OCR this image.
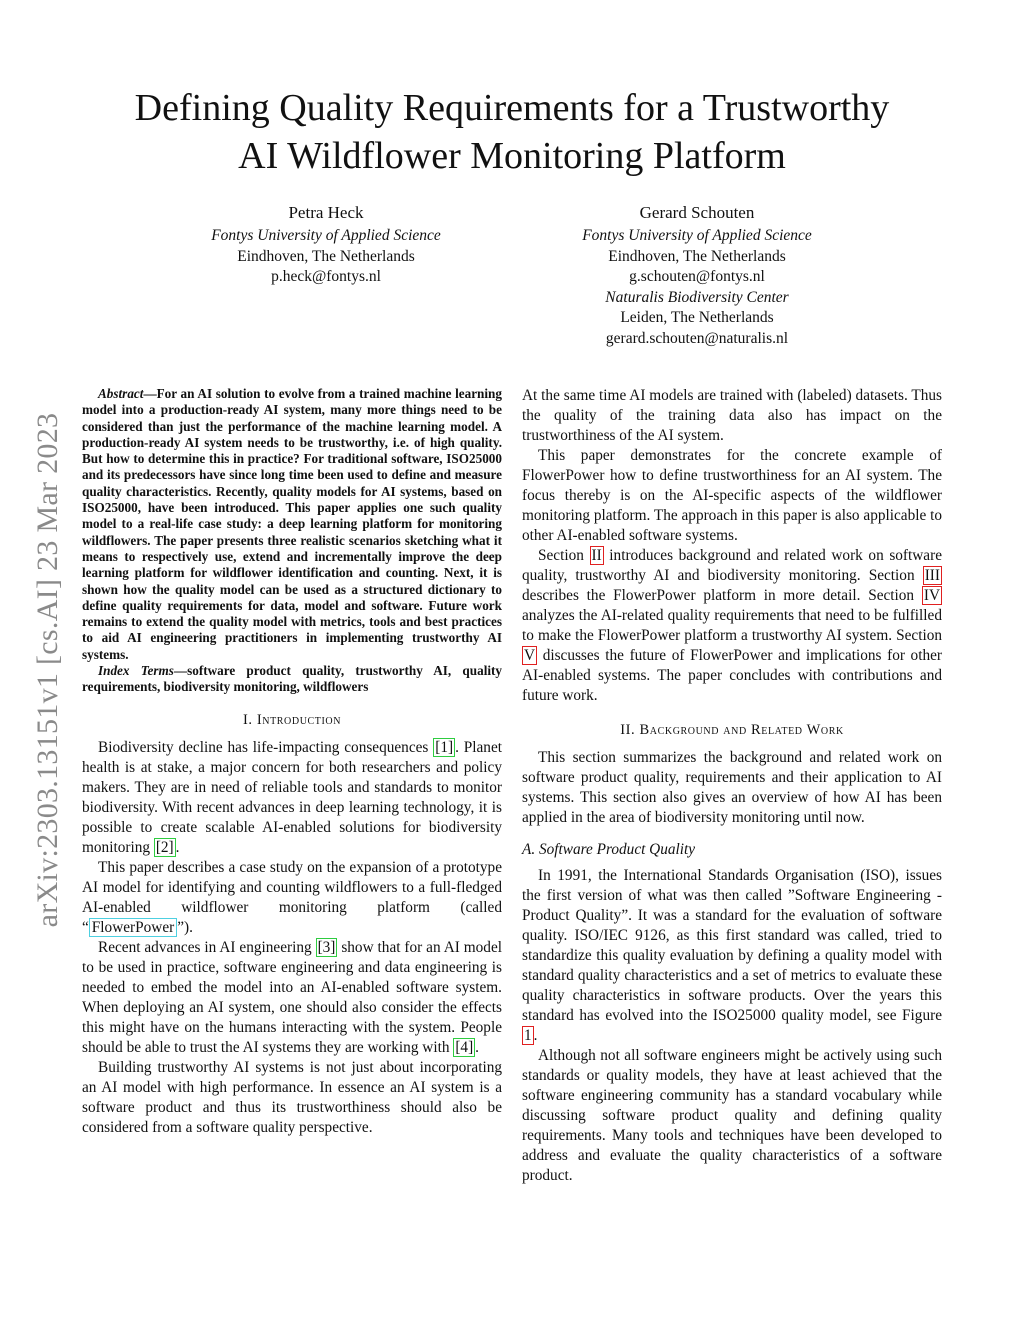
Defining Quality Requirements for a Trustworthy
AI Wildflower Monitoring Platform
Petra Heck
Fontys University of Applied Science
Eindhoven, The Netherlands
p.heck@fontys.nl
Gerard Schouten
Fontys University of Applied Science
Eindhoven, The Netherlands
g.schouten@fontys.nl
Naturalis Biodiversity Center
Leiden, The Netherlands
gerard.schouten@naturalis.nl
arXiv:2303.13151v1 [cs.AI] 23 Mar 2023

Abstract—For an AI solution to evolve from a trained machine learning model into a production-ready AI system, many more things need to be considered than just the performance of the machine learning model. A production-ready AI system needs to be trustworthy, i.e. of high quality. But how to determine this in practice? For traditional software, ISO25000 and its predecessors have since long time been used to define and measure quality characteristics. Recently, quality models for AI systems, based on ISO25000, have been introduced. This paper applies one such quality model to a real-life case study: a deep learning platform for monitoring wildflowers. The paper presents three realistic scenarios sketching what it means to respectively use, extend and incrementally improve the deep learning platform for wildflower identification and counting. Next, it is shown how the quality model can be used as a structured dictionary to define quality requirements for data, model and software. Future work remains to extend the quality model with metrics, tools and best practices to aid AI engineering practitioners in implementing trustworthy AI systems.

Index Terms—software product quality, trustworthy AI, quality requirements, biodiversity monitoring, wildflowers

I. Introduction

Biodiversity decline has life-impacting consequences [1] . Planet health is at stake, a major concern for both researchers and policy makers. They are in need of reliable tools and standards to monitor biodiversity. With recent advances in deep learning technology, it is possible to create scalable AI-enabled solutions for biodiversity monitoring [2] .

This paper describes a case study on the expansion of a prototype AI model for identifying and counting wildflowers to a full-fledged AI-enabled wildflower monitoring platform (called “ FlowerPower ”).

Recent advances in AI engineering [3] show that for an AI model to be used in practice, software engineering and data engineering is needed to embed the model into an AI-enabled software system. When deploying an AI system, one should also consider the effects this might have on the humans interacting with the system. People should be able to trust the AI systems they are working with [4] .

Building trustworthy AI systems is not just about incorporating an AI model with high performance. In essence an AI system is a software product and thus its trustworthiness should also be considered from a software quality perspective.

At the same time AI models are trained with (labeled) datasets. Thus the quality of the training data also has impact on the trustworthiness of the AI system.

This paper demonstrates for the concrete example of FlowerPower how to define trustworthiness for an AI system. The focus thereby is on the AI-specific aspects of the wildflower monitoring platform. The approach in this paper is also applicable to other AI-enabled software systems.

Section II introduces background and related work on software quality, trustworthy AI and biodiversity monitoring. Section III describes the FlowerPower platform in more detail. Section IV analyzes the AI-related quality requirements that need to be fulfilled to make the FlowerPower platform a trustworthy AI system. Section V discusses the future of FlowerPower and implications for other AI-enabled systems. The paper concludes with contributions and future work.

II. Background and Related Work

This section summarizes the background and related work on software product quality, requirements and their application to AI systems. This section also gives an overview of how AI has been applied in the area of biodiversity monitoring until now.

A. Software Product Quality

In 1991, the International Standards Organisation (ISO), issues the first version of what was then called ”Software Engineering - Product Quality”. It was a standard for the evaluation of software quality. ISO/IEC 9126, as this first standard was called, tried to standardize this quality evaluation by defining a quality model with standard quality characteristics and a set of metrics to evaluate these quality characteristics in software products. Over the years this standard has evolved into the ISO25000 quality model, see Figure 1 .

Although not all software engineers might be actively using such standards or quality models, they have at least achieved that the software engineering community has a standard vocabulary while discussing software product quality and defining quality requirements. Many tools and techniques have been developed to address and evaluate the quality characteristics of a software product.
